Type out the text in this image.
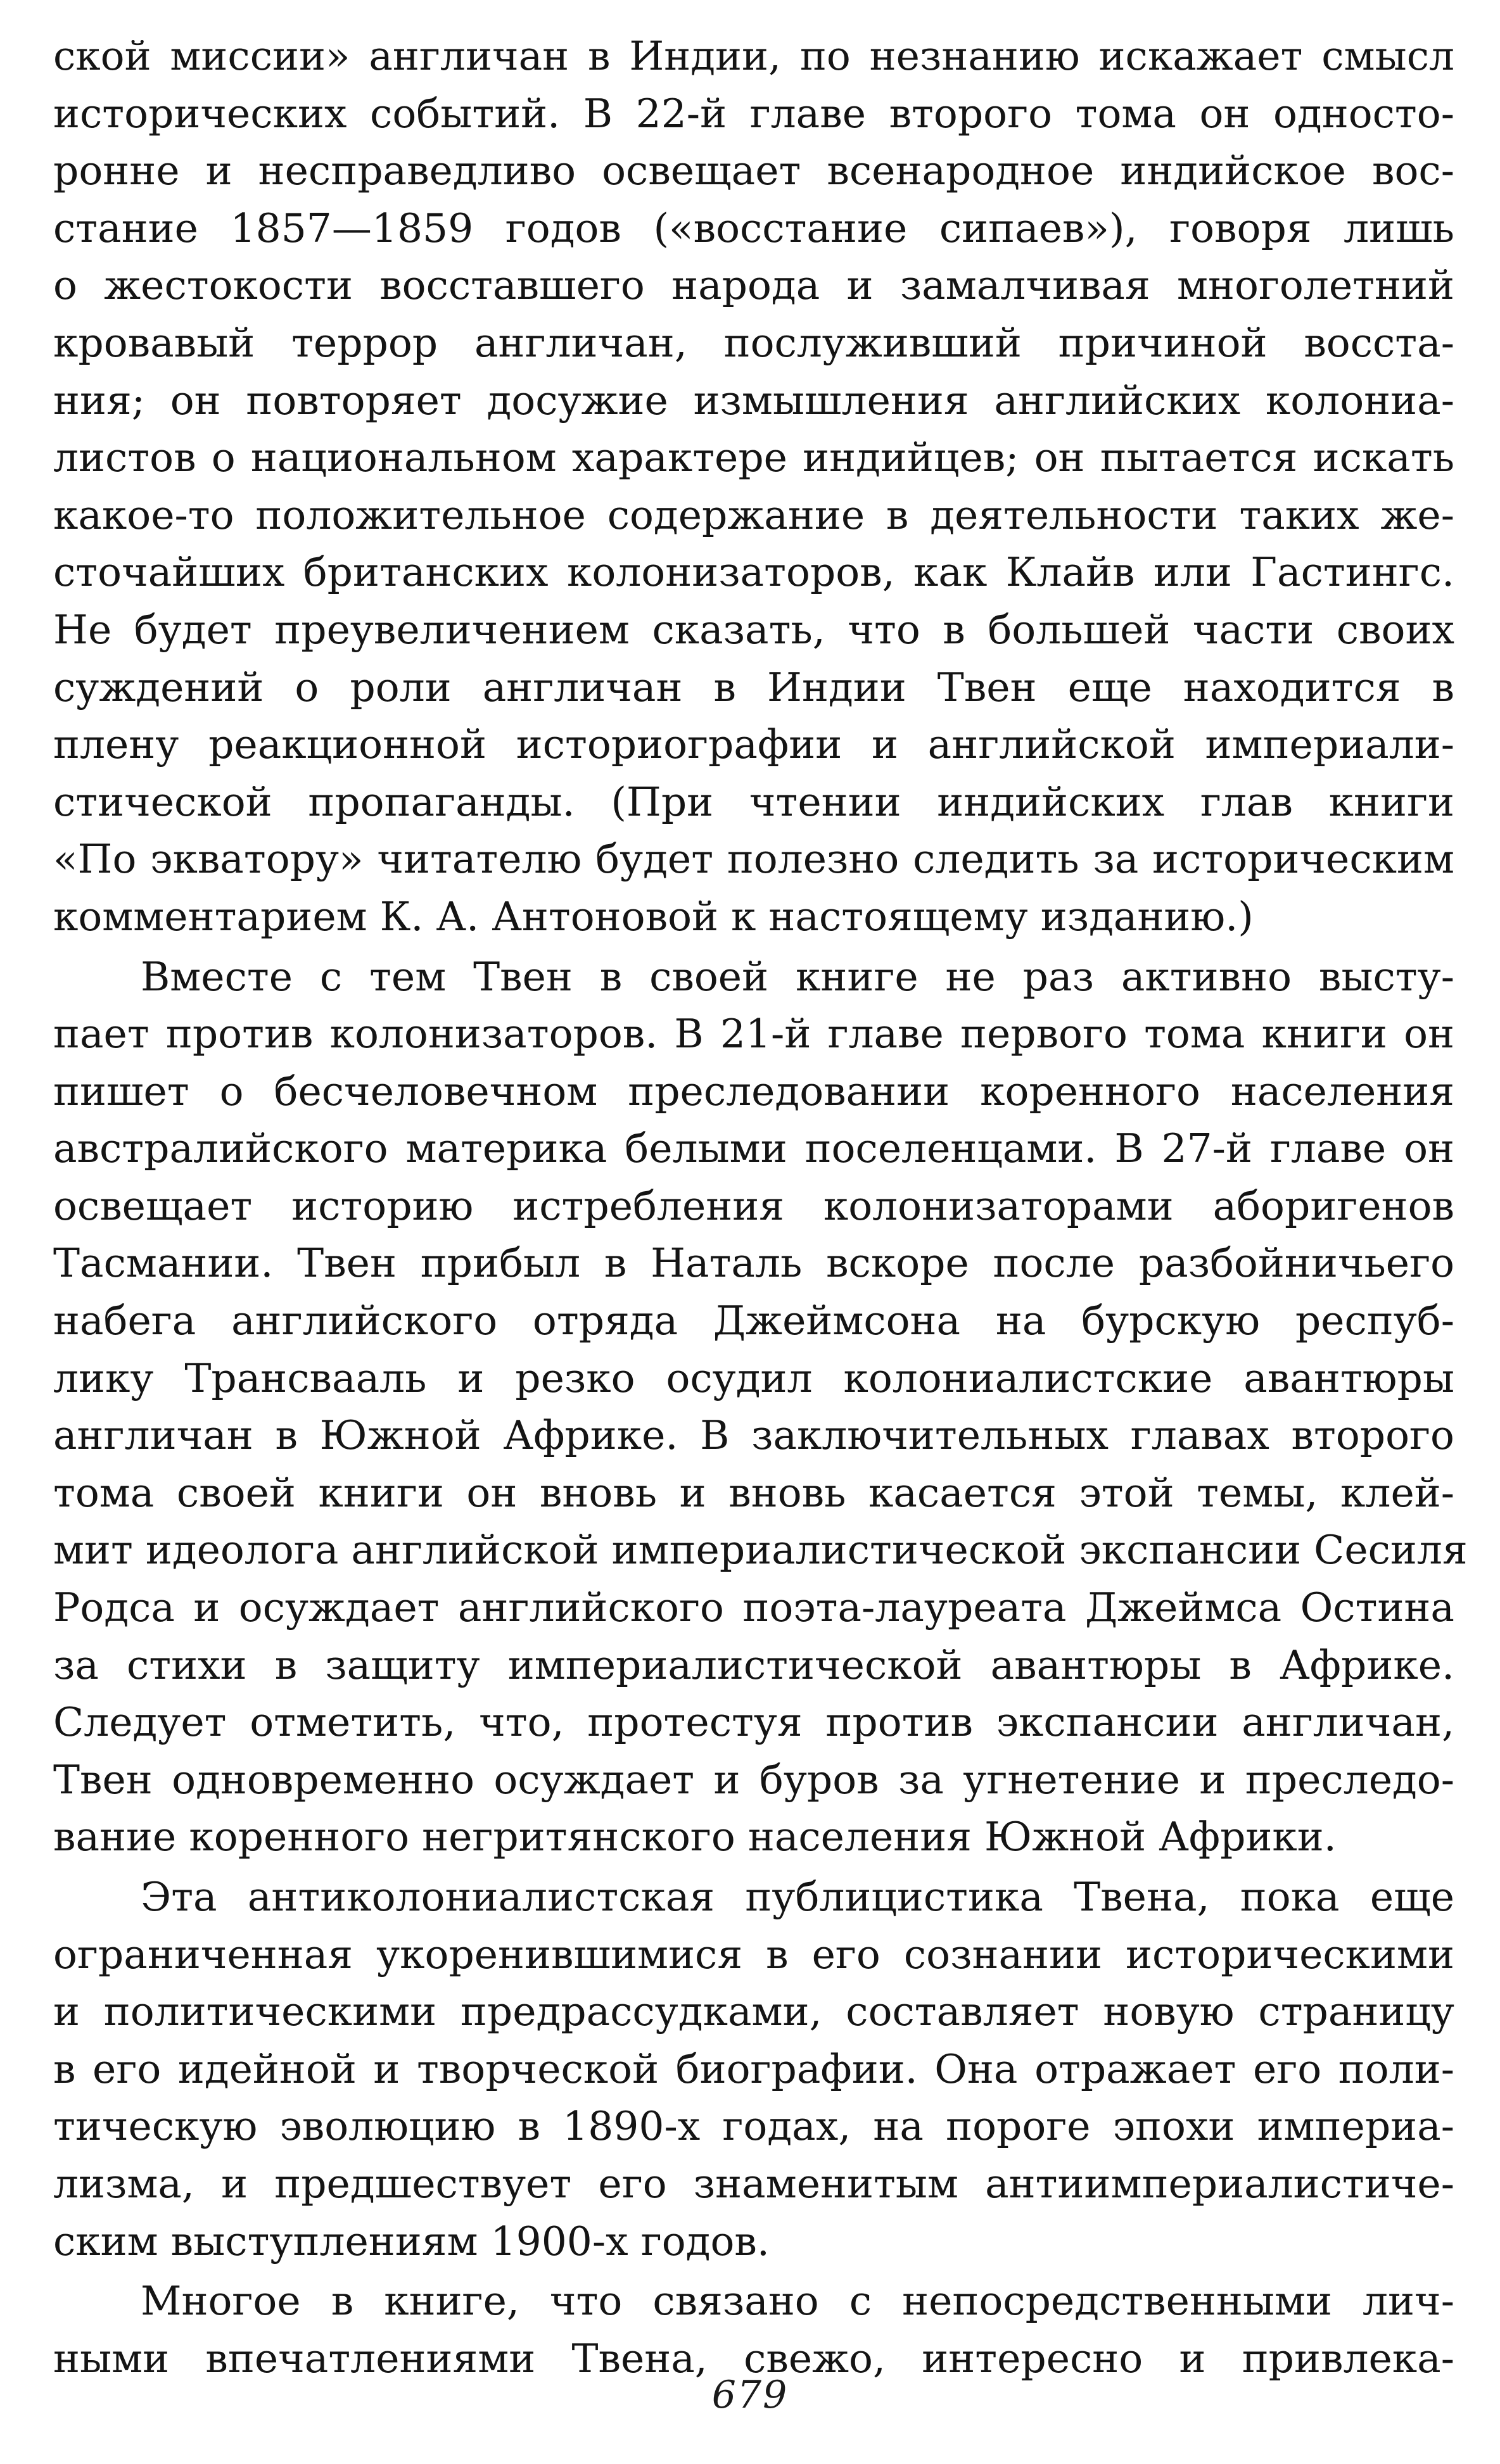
ской миссии» англичан в Индии, по незнанию искажает смысл
исторических событий. В 22-й главе второго тома он односто-
ронне и несправедливо освещает всенародное индийское вос-
стание 1857—1859 годов («восстание сипаев»), говоря лишь
о жестокости восставшего народа и замалчивая многолетний
кровавый террор англичан, послуживший причиной восста-
ния; он повторяет досужие измышления английских колониа-
листов о национальном характере индийцев; он пытается искать
какое-то положительное содержание в деятельности таких же-
сточайших британских колонизаторов, как Клайв или Гастингс.
Не будет преувеличением сказать, что в большей части своих
суждений о роли англичан в Индии Твен еще находится в
плену реакционной историографии и английской империали-
стической пропаганды. (При чтении индийских глав книги
«По экватору» читателю будет полезно следить за историческим
комментарием К. А. Антоновой к настоящему изданию.)
Вместе с тем Твен в своей книге не раз активно высту-
пает против колонизаторов. В 21-й главе первого тома книги он
пишет о бесчеловечном преследовании коренного населения
австралийского материка белыми поселенцами. В 27-й главе он
освещает историю истребления колонизаторами аборигенов
Тасмании. Твен прибыл в Наталь вскоре после разбойничьего
набега английского отряда Джеймсона на бурскую респуб-
лику Трансвааль и резко осудил колониалистские авантюры
англичан в Южной Африке. В заключительных главах второго
тома своей книги он вновь и вновь касается этой темы, клей-
мит идеолога английской империалистической экспансии Сесиля
Родса и осуждает английского поэта-лауреата Джеймса Остина
за стихи в защиту империалистической авантюры в Африке.
Следует отметить, что, протестуя против экспансии англичан,
Твен одновременно осуждает и буров за угнетение и преследо-
вание коренного негритянского населения Южной Африки.
Эта антиколониалистская публицистика Твена, пока еще
ограниченная укоренившимися в его сознании историческими
и политическими предрассудками, составляет новую страницу
в его идейной и творческой биографии. Она отражает его поли-
тическую эволюцию в 1890-х годах, на пороге эпохи империа-
лизма, и предшествует его знаменитым антиимпериалистиче-
ским выступлениям 1900-х годов.
Многое в книге, что связано с непосредственными лич-
ными впечатлениями Твена, свежо, интересно и привлека-
679
